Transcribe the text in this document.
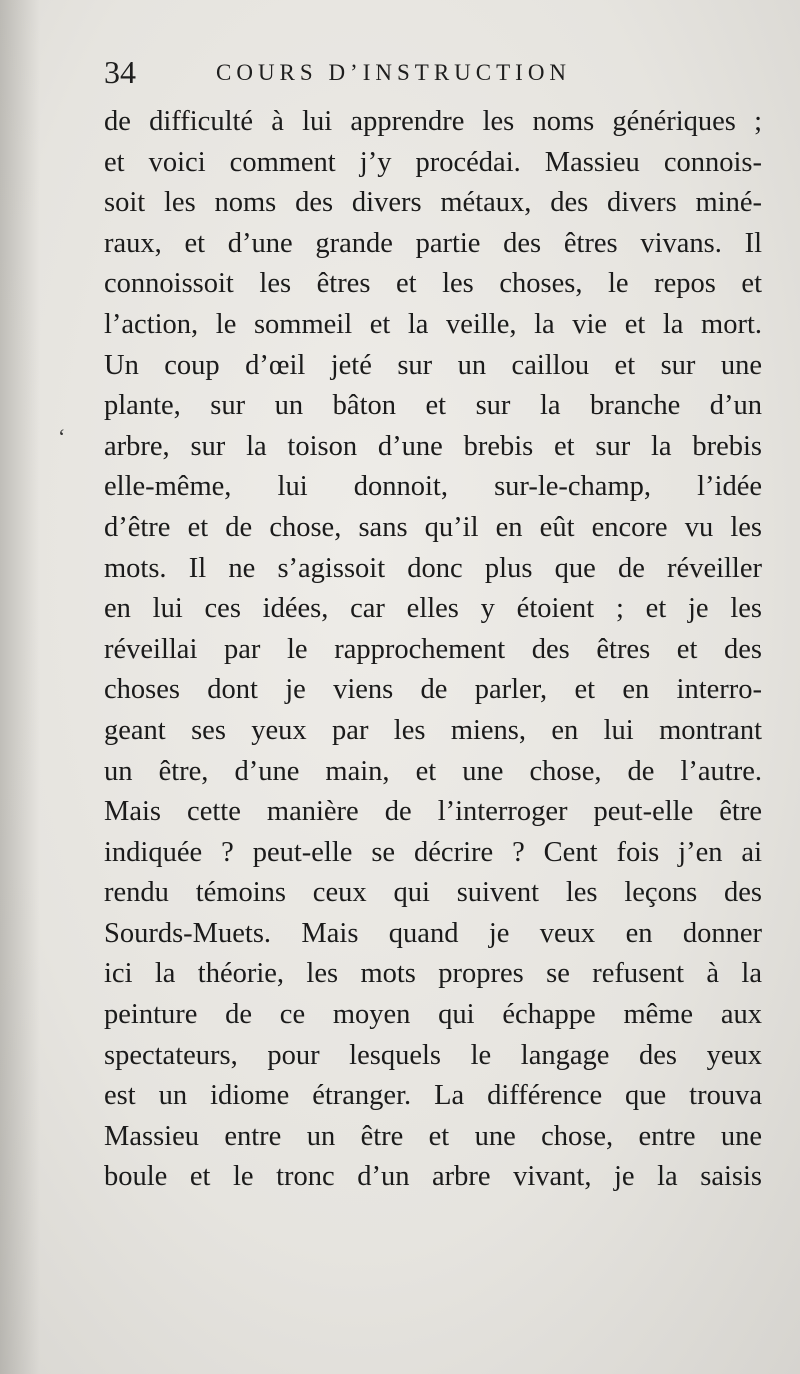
34	COURS D’INSTRUCTION
‘
de difficulté à lui apprendre les noms génériques ;
et voici comment j’y procédai. Massieu connois-
soit les noms des divers métaux, des divers miné-
raux, et d’une grande partie des êtres vivans. Il
connoissoit les êtres et les choses, le repos et
l’action, le sommeil et la veille, la vie et la mort.
Un coup d’œil jeté sur un caillou et sur une
plante, sur un bâton et sur la branche d’un
arbre, sur la toison d’une brebis et sur la brebis
elle-même, lui donnoit, sur-le-champ, l’idée
d’être et de chose, sans qu’il en eût encore vu les
mots. Il ne s’agissoit donc plus que de réveiller
en lui ces idées, car elles y étoient ; et je les
réveillai par le rapprochement des êtres et des
choses dont je viens de parler, et en interro-
geant ses yeux par les miens, en lui montrant
un être, d’une main, et une chose, de l’autre.
Mais cette manière de l’interroger peut-elle être
indiquée ? peut-elle se décrire ? Cent fois j’en ai
rendu témoins ceux qui suivent les leçons des
Sourds-Muets. Mais quand je veux en donner
ici la théorie, les mots propres se refusent à la
peinture de ce moyen qui échappe même aux
spectateurs, pour lesquels le langage des yeux
est un idiome étranger. La différence que trouva
Massieu entre un être et une chose, entre une
boule et le tronc d’un arbre vivant, je la saisis
